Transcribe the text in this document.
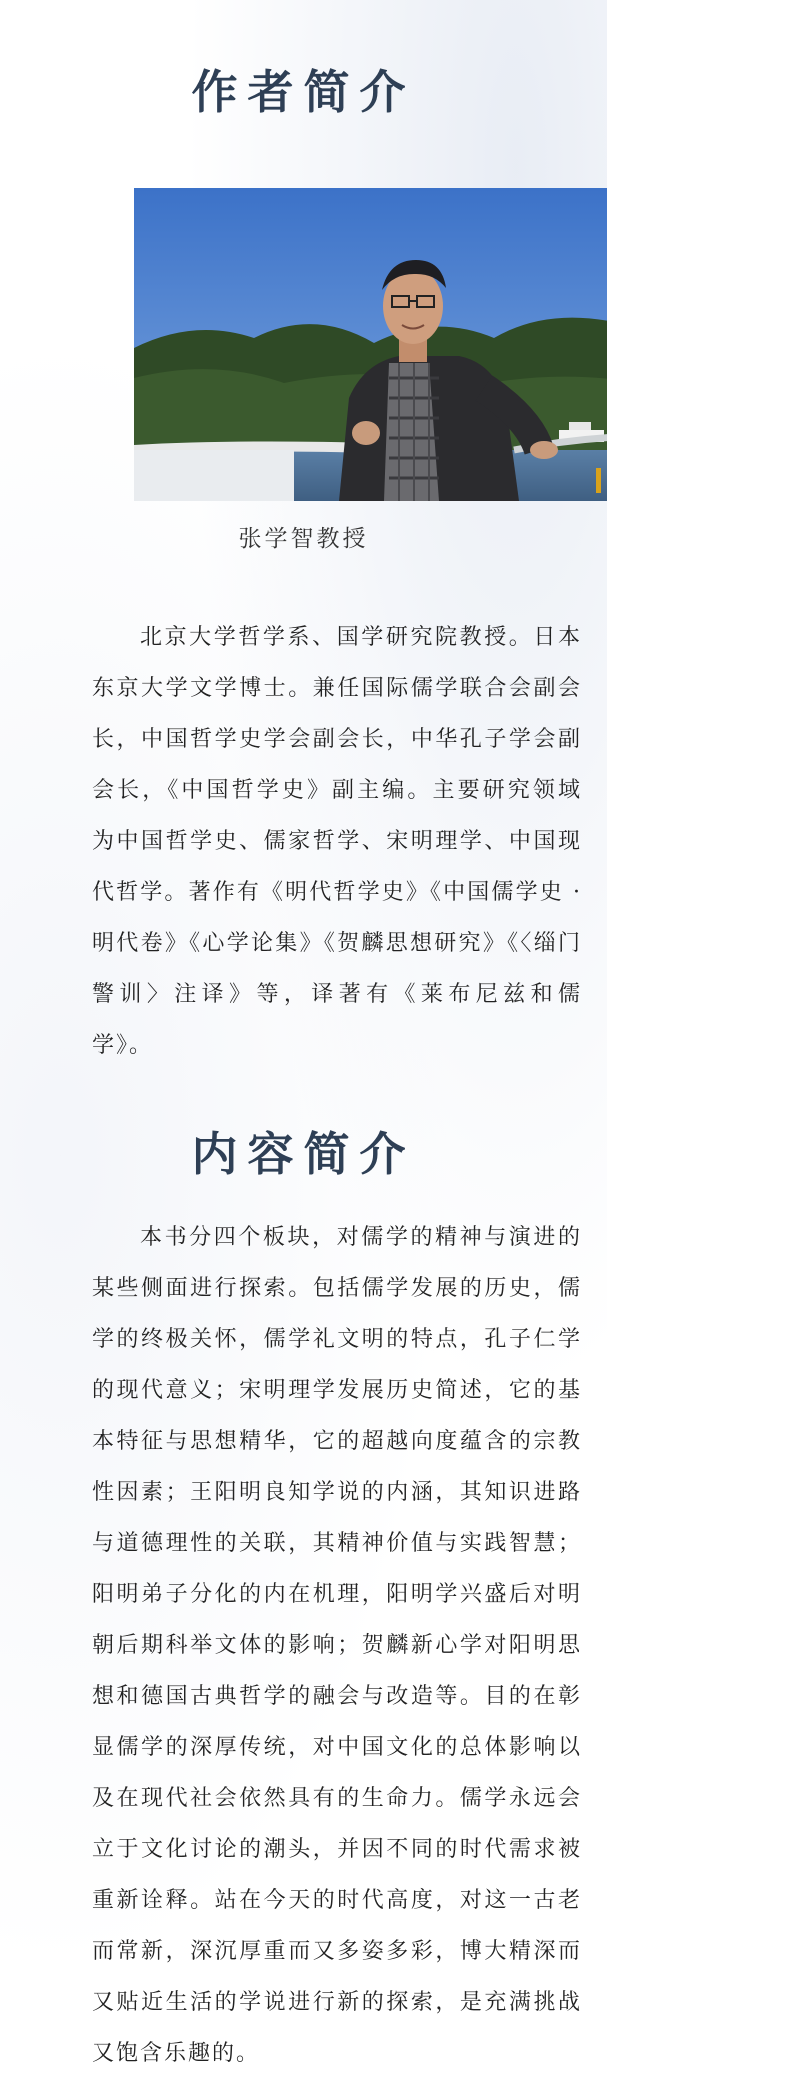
作者简介
张学智教授

北京大学哲学系、国学研究院教授。日本东京大学文学博士。兼任国际儒学联合会副会长，中国哲学史学会副会长，中华孔子学会副会长，《中国哲学史》副主编。主要研究领域为中国哲学史、儒家哲学、宋明理学、中国现代哲学。著作有《明代哲学史》《中国儒学史 · 明代卷》《心学论集》《贺麟思想研究》《〈缁门警训〉注译》等，译著有《莱布尼兹和儒学》。

内容简介

本书分四个板块，对儒学的精神与演进的某些侧面进行探索。包括儒学发展的历史，儒学的终极关怀，儒学礼文明的特点，孔子仁学的现代意义；宋明理学发展历史简述，它的基本特征与思想精华，它的超越向度蕴含的宗教性因素；王阳明良知学说的内涵，其知识进路与道德理性的关联，其精神价值与实践智慧；阳明弟子分化的内在机理，阳明学兴盛后对明朝后期科举文体的影响；贺麟新心学对阳明思想和德国古典哲学的融会与改造等。目的在彰显儒学的深厚传统，对中国文化的总体影响以及在现代社会依然具有的生命力。儒学永远会立于文化讨论的潮头，并因不同的时代需求被重新诠释。站在今天的时代高度，对这一古老而常新，深沉厚重而又多姿多彩，博大精深而又贴近生活的学说进行新的探索，是充满挑战又饱含乐趣的。
